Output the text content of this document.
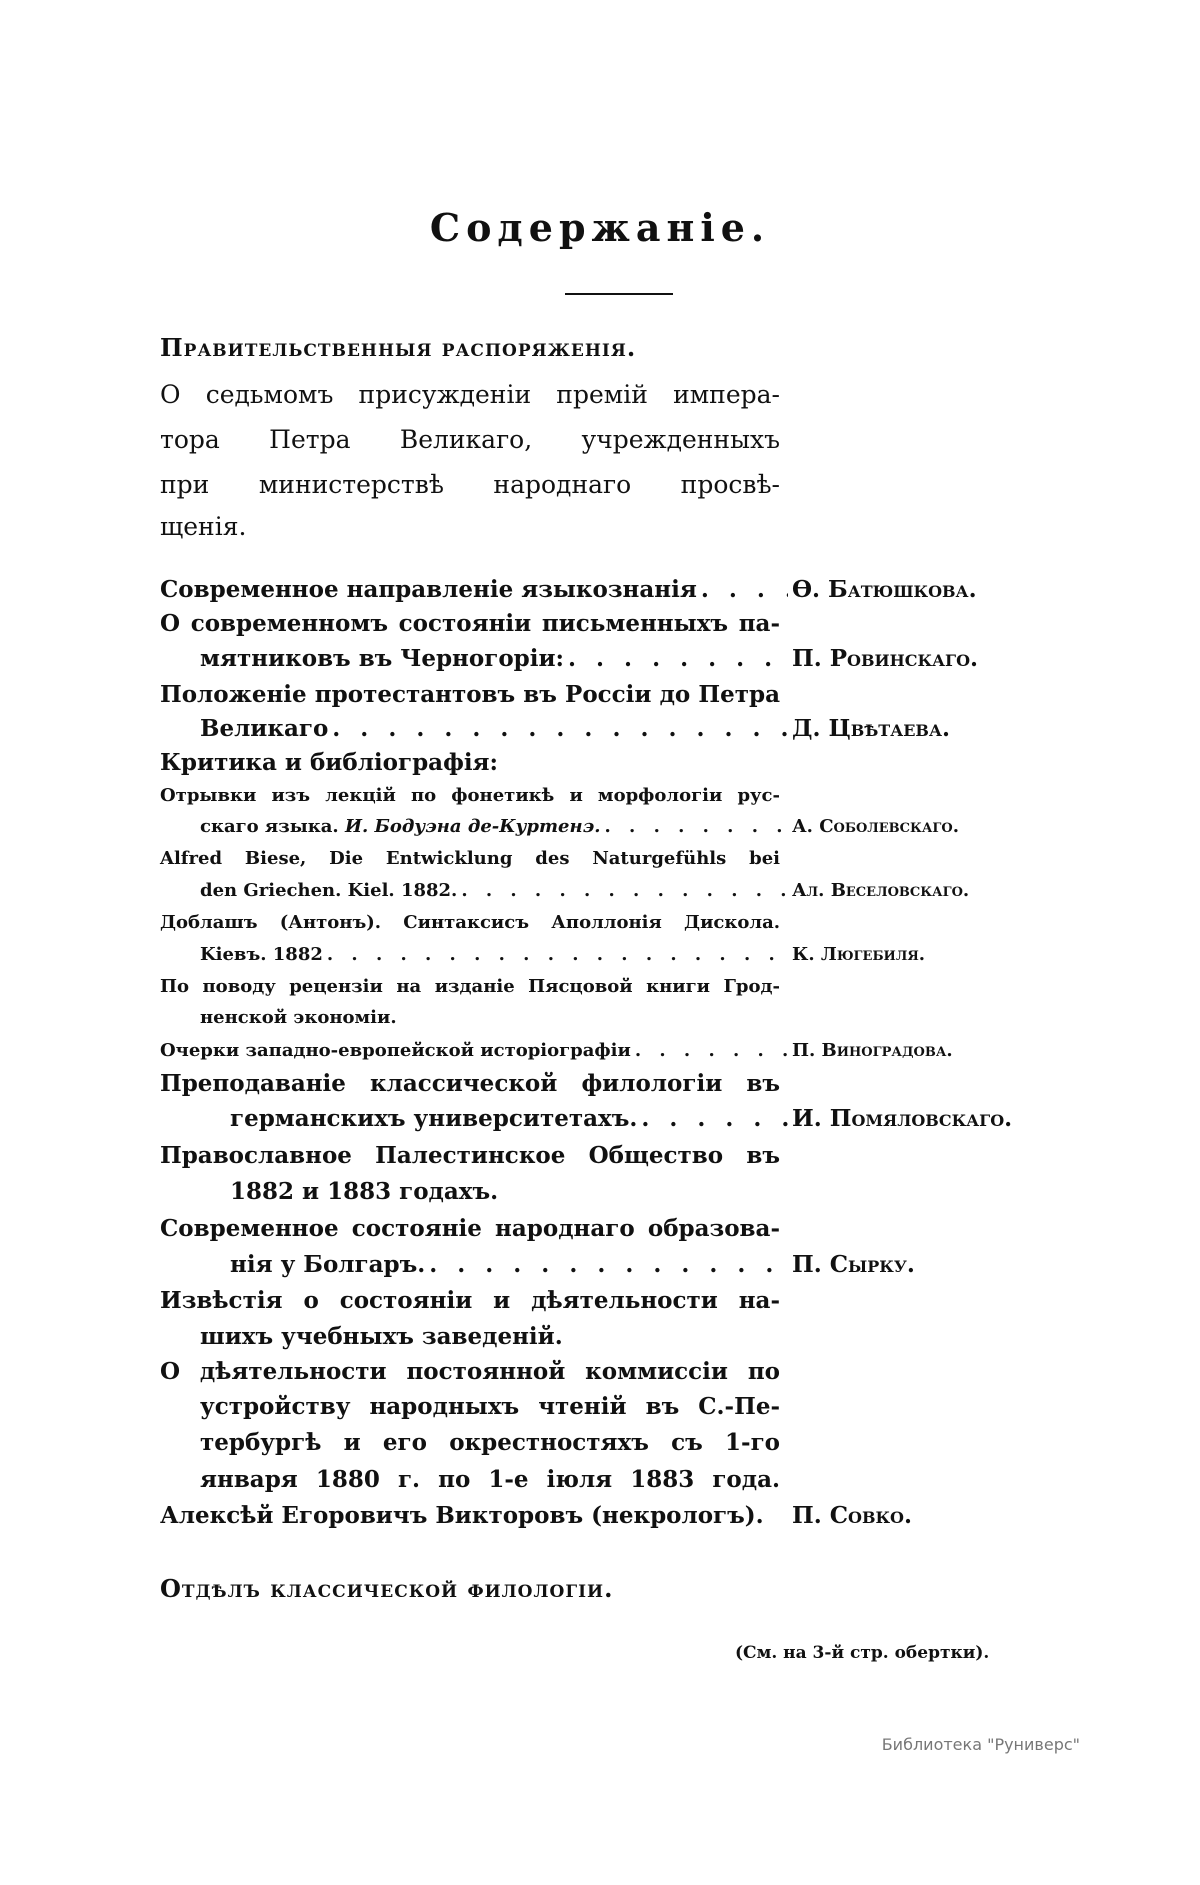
Содержаніе.
Правительственныя распоряженія.
О седьмомъ присужденіи премій импера-
тора Петра Великаго, учрежденныхъ
при министерствѣ народнаго просвѣ-
щенія.
Современное направленіе языкознанія . . .	Ѳ. Батюшкова.
О современномъ состояніи письменныхъ па-
мятниковъ въ Черногоріи: . . .	П. Ровинскаго.
Положеніе протестантовъ въ Россіи до Петра
Великаго . . .	Д. Цвѣтаева.
Критика и библіографія:
Отрывки изъ лекцій по фонетикѣ и морфологіи рус-
скаго языка.
И. Бодуэна де-Куртенэ. . . .	А. Соболевскаго.
Alfred Biese, Die Entwicklung des Naturgefühls bei
den Griechen. Kiel. 1882. . . .	Ал. Веселовскаго.
Доблашъ (Антонъ). Синтаксисъ Аполлонія Дискола.
Kieвъ. 1882 . . .	К. Люгебиля.
По поводу рецензіи на изданіе Пясцовой книги Грод-
ненской экономіи.
Очерки западно-европейской исторіографіи . . .	П. Виноградова.
Преподаваніе классической филологіи въ
германскихъ университетахъ. . . .	И. Помяловскаго.
Православное Палестинское Общество въ
1882 и 1883 годахъ.
Современное состояніе народнаго образова-
нія у Болгаръ. . . .	П. Сырку.
Извѣстія о состояніи и дѣятельности на-
шихъ учебныхъ заведеній.
О дѣятельности постоянной коммиссіи по
устройству народныхъ чтеній въ С.-Пе-
тербургѣ и его окрестностяхъ съ 1-го
января 1880 г. по 1-е іюля 1883 года.
Алексѣй Егоровичъ Викторовъ (некрологъ). П. Совко.
Отдѣлъ классической филологіи.
(См. на 3-й стр. обертки).
Библиотека "Руниверс"
